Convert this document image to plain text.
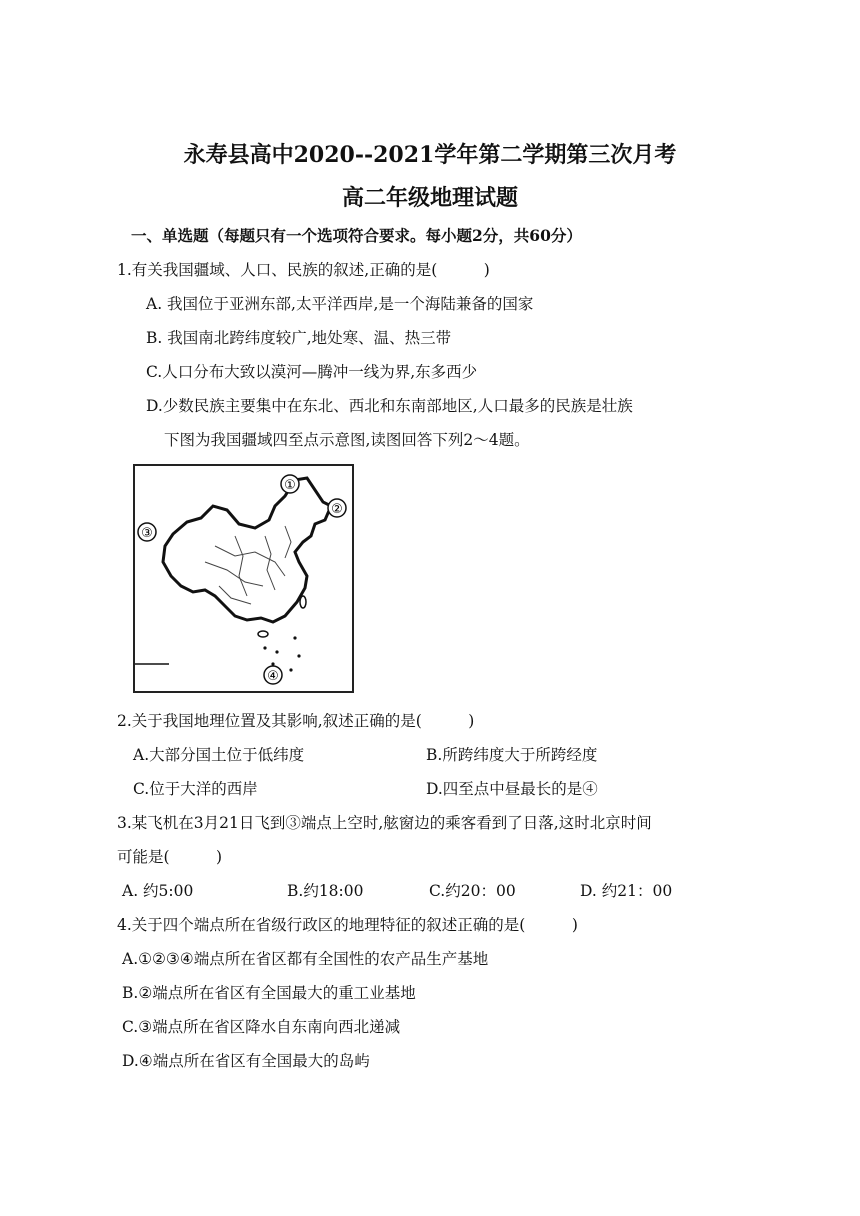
永寿县高中2020--2021学年第二学期第三次月考
高二年级地理试题
一、单选题（每题只有一个选项符合要求。每小题2分，共60分）
1.有关我国疆域、人口、民族的叙述,正确的是(　　　)
A. 我国位于亚洲东部,太平洋西岸,是一个海陆兼备的国家
B. 我国南北跨纬度较广,地处寒、温、热三带
C.人口分布大致以漠河—腾冲一线为界,东多西少
D.少数民族主要集中在东北、西北和东南部地区,人口最多的民族是壮族
下图为我国疆域四至点示意图,读图回答下列2～4题。
①
②
③
④
2.关于我国地理位置及其影响,叙述正确的是(　　　)
A.大部分国土位于低纬度	B.所跨纬度大于所跨经度
C.位于大洋的西岸	D.四至点中昼最长的是④
3.某飞机在3月21日飞到③端点上空时,舷窗边的乘客看到了日落,这时北京时间
可能是(　　　)
A. 约5:00	B.约18:00	C.约20：00	D. 约21：00
4.关于四个端点所在省级行政区的地理特征的叙述正确的是(　　　)
A.①②③④端点所在省区都有全国性的农产品生产基地
B.②端点所在省区有全国最大的重工业基地
C.③端点所在省区降水自东南向西北递减
D.④端点所在省区有全国最大的岛屿
